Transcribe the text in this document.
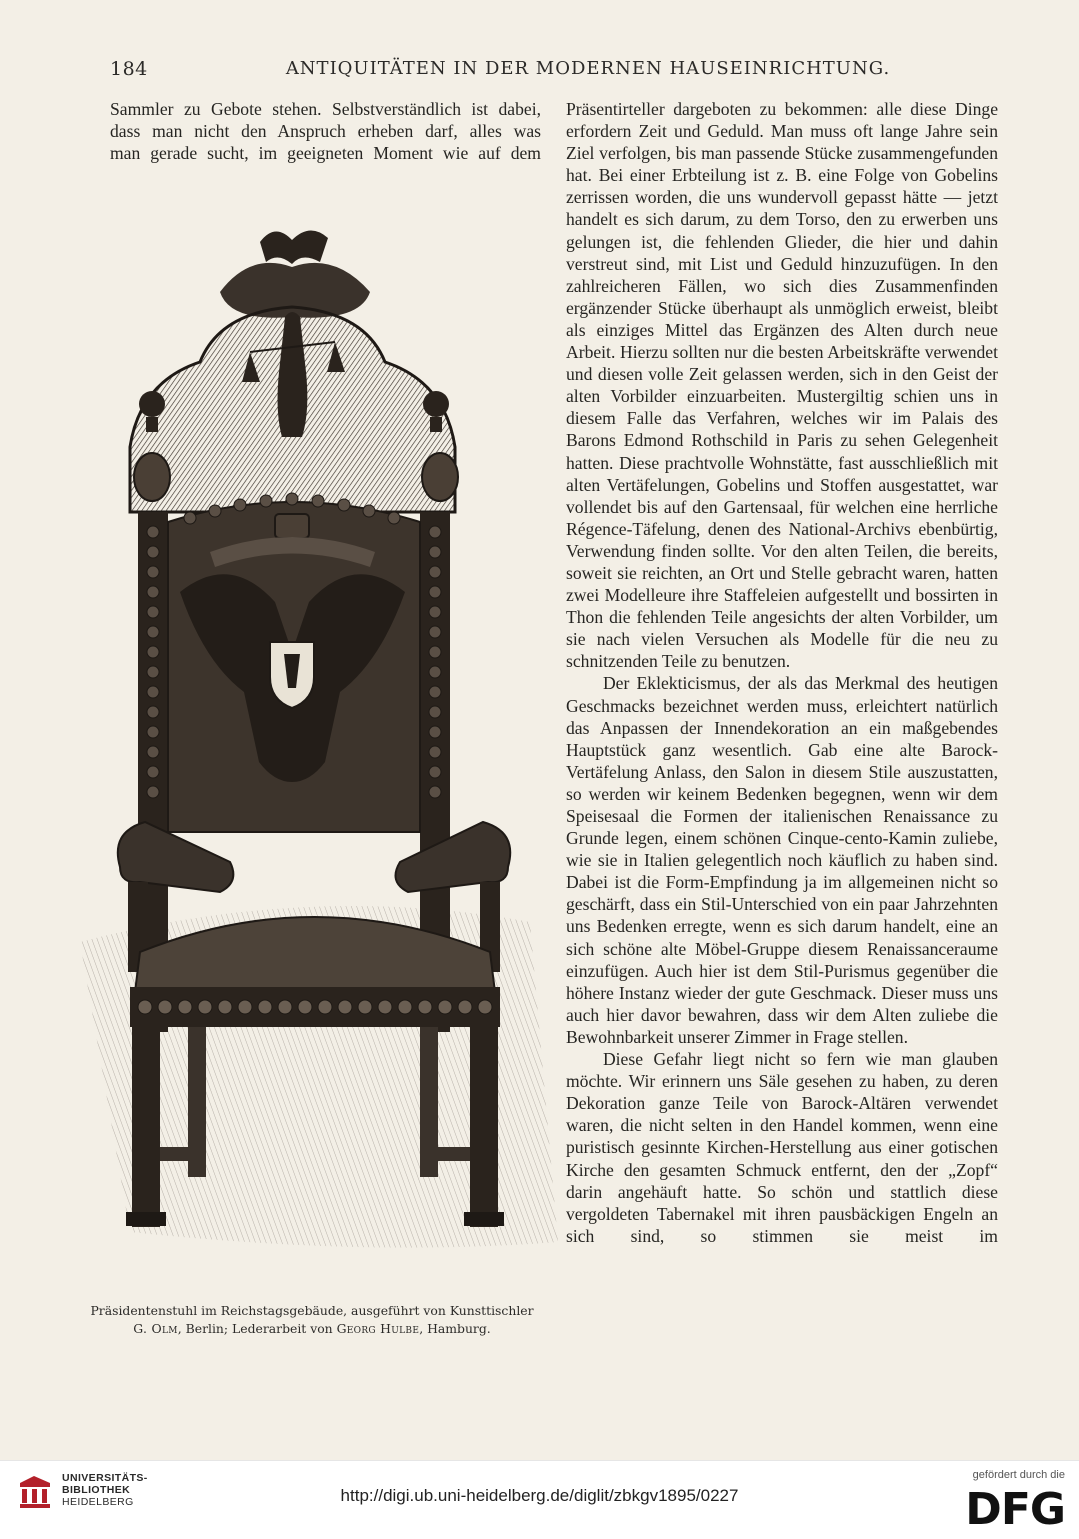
184	ANTIQUITÄTEN IN DER MODERNEN HAUSEINRICHTUNG.

Sammler zu Gebote stehen. Selbstverständlich ist dabei,

dass man nicht den Anspruch erheben darf, alles was

man gerade sucht, im geeigneten Moment wie auf dem

Präsidentenstuhl im Reichstagsgebäude, ausgeführt von Kunsttischler
G. Olm, Berlin; Lederarbeit von Georg Hulbe, Hamburg.

Präsentirteller dargeboten zu bekommen: alle diese Dinge erfordern Zeit und Geduld. Man muss oft lange Jahre sein Ziel verfolgen, bis man passende Stücke zusammengefunden hat. Bei einer Erbteilung ist z. B. eine Folge von Gobelins zerrissen worden, die uns wundervoll gepasst hätte — jetzt handelt es sich darum, zu dem Torso, den zu erwerben uns gelungen ist, die fehlenden Glieder, die hier und dahin verstreut sind, mit List und Geduld hinzuzufügen. In den zahlreicheren Fällen, wo sich dies Zusammenfinden ergänzender Stücke überhaupt als unmöglich erweist, bleibt als einziges Mittel das Ergänzen des Alten durch neue Arbeit. Hierzu sollten nur die besten Arbeitskräfte verwendet und diesen volle Zeit gelassen werden, sich in den Geist der alten Vorbilder einzuarbeiten. Mustergiltig schien uns in diesem Falle das Verfahren, welches wir im Palais des Barons Edmond Rothschild in Paris zu sehen Gelegenheit hatten. Diese prachtvolle Wohnstätte, fast ausschließlich mit alten Vertäfelungen, Gobelins und Stoffen ausgestattet, war vollendet bis auf den Gartensaal, für welchen eine herrliche Régence-Täfelung, denen des National-Archivs ebenbürtig, Verwendung finden sollte. Vor den alten Teilen, die bereits, soweit sie reichten, an Ort und Stelle gebracht waren, hatten zwei Modelleure ihre Staffeleien aufgestellt und bossirten in Thon die fehlenden Teile angesichts der alten Vorbilder, um sie nach vielen Versuchen als Modelle für die neu zu schnitzenden Teile zu benutzen.

Der Eklekticismus, der als das Merkmal des heutigen Geschmacks bezeichnet werden muss, erleichtert natürlich das Anpassen der Innendekoration an ein maßgebendes Hauptstück ganz wesentlich. Gab eine alte Barock-Vertäfelung Anlass, den Salon in diesem Stile auszustatten, so werden wir keinem Bedenken begegnen, wenn wir dem Speisesaal die Formen der italienischen Renaissance zu Grunde legen, einem schönen Cinque-cento-Kamin zuliebe, wie sie in Italien gelegentlich noch käuflich zu haben sind. Dabei ist die Form-Empfindung ja im allgemeinen nicht so geschärft, dass ein Stil-Unterschied von ein paar Jahrzehnten uns Bedenken erregte, wenn es sich darum handelt, eine an sich schöne alte Möbel-Gruppe diesem Renaissanceraume einzufügen. Auch hier ist dem Stil-Purismus gegenüber die höhere Instanz wieder der gute Geschmack. Dieser muss uns auch hier davor bewahren, dass wir dem Alten zuliebe die Bewohnbarkeit unserer Zimmer in Frage stellen.

Diese Gefahr liegt nicht so fern wie man glauben möchte. Wir erinnern uns Säle gesehen zu haben, zu deren Dekoration ganze Teile von Barock-Altären verwendet waren, die nicht selten in den Handel kommen, wenn eine puristisch gesinnte Kirchen-Herstellung aus einer gotischen Kirche den gesamten Schmuck entfernt, den der „Zopf“ darin angehäuft hatte. So schön und stattlich diese vergoldeten Tabernakel mit ihren pausbäckigen Engeln an sich sind, so stimmen sie meist im

UNIVERSITÄTS-
BIBLIOTHEK
HEIDELBERG	http://digi.ub.uni-heidelberg.de/diglit/zbkgv1895/0227
gefördert durch die
DFG
